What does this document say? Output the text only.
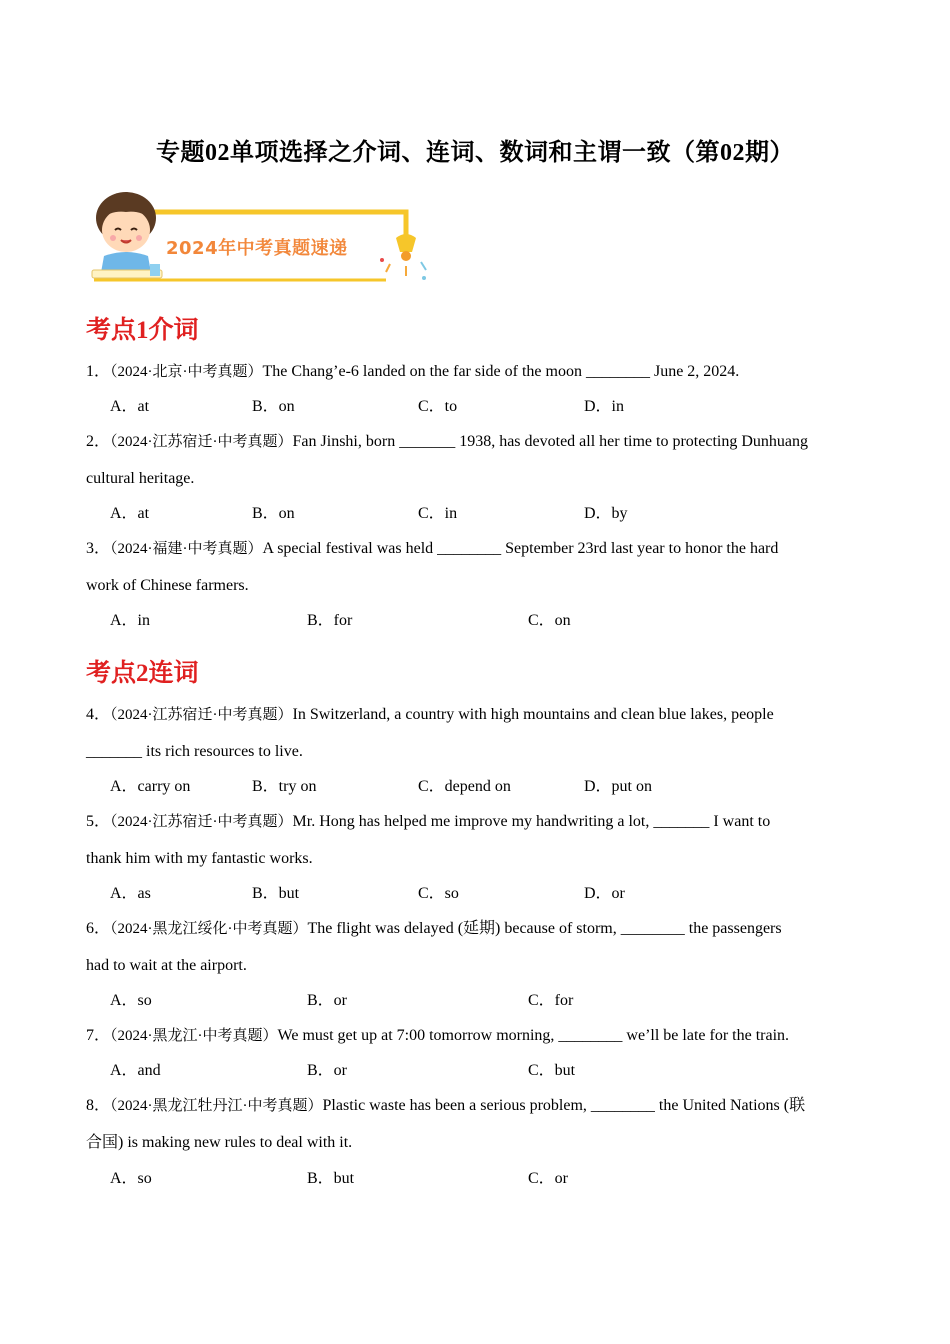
专题02单项选择之介词、连词、数词和主谓一致（第02期）
2024年中考真题速递
考点1介词
1．（2024·北京·中考真题）The Chang’e-6 landed on the far side of the moon ________ June 2, 2024.
A．at	B．on	C．to	D．in
2．（2024·江苏宿迁·中考真题）Fan Jinshi, born _______ 1938, has devoted all her time to protecting Dunhuang
cultural heritage.
A．at	B．on	C．in	D．by
3．（2024·福建·中考真题）A special festival was held ________ September 23rd last year to honor the hard
work of Chinese farmers.
A．in	B．for	C．on
考点2连词
4．（2024·江苏宿迁·中考真题）In Switzerland, a country with high mountains and clean blue lakes, people
_______ its rich resources to live.
A．carry on	B．try on	C．depend on	D．put on
5．（2024·江苏宿迁·中考真题）Mr. Hong has helped me improve my handwriting a lot, _______ I want to
thank him with my fantastic works.
A．as	B．but	C．so	D．or
6．（2024·黑龙江绥化·中考真题）The flight was delayed (延期) because of storm, ________ the passengers
had to wait at the airport.
A．so	B．or	C．for
7．（2024·黑龙江·中考真题）We must get up at 7:00 tomorrow morning, ________ we’ll be late for the train.
A．and	B．or	C．but
8．（2024·黑龙江牡丹江·中考真题）Plastic waste has been a serious problem, ________ the United Nations (联
合国) is making new rules to deal with it.
A．so	B．but	C．or
